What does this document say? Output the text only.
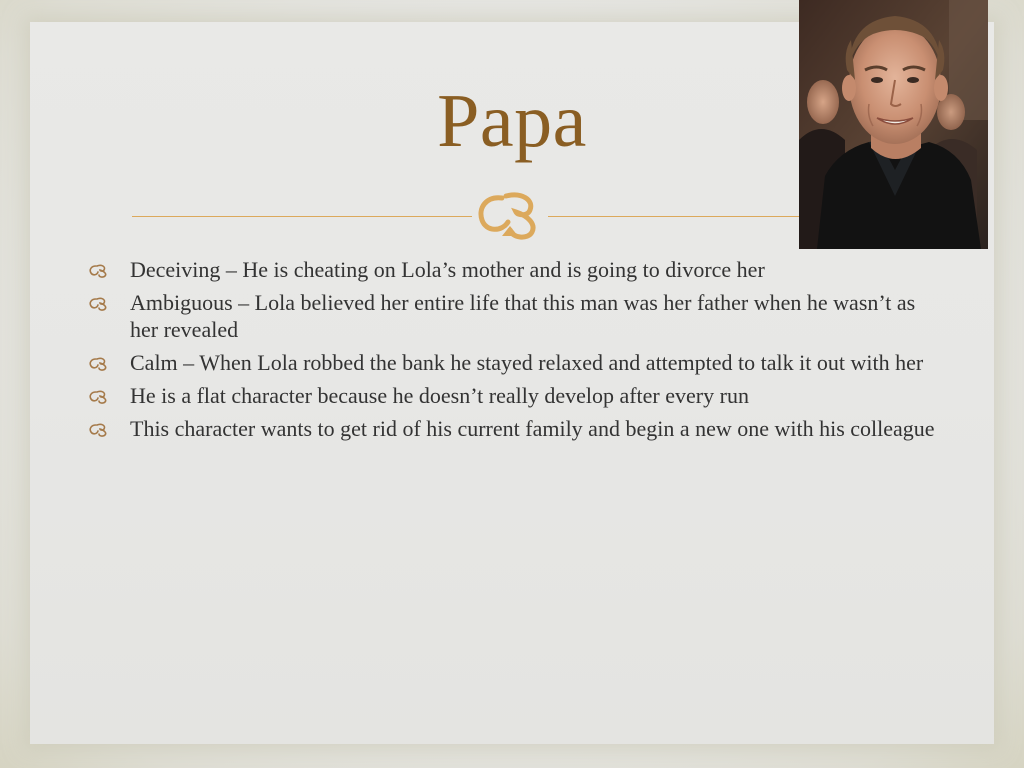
Papa
Deceiving – He is cheating on Lola’s mother and is going to divorce her
Ambiguous – Lola believed her entire life that this man was her father when he wasn’t as her revealed
Calm – When Lola robbed the bank he stayed relaxed and attempted to talk it out with her
He is a flat character because he doesn’t really develop after every run
This character wants to get rid of his current family and begin a new one with his colleague
